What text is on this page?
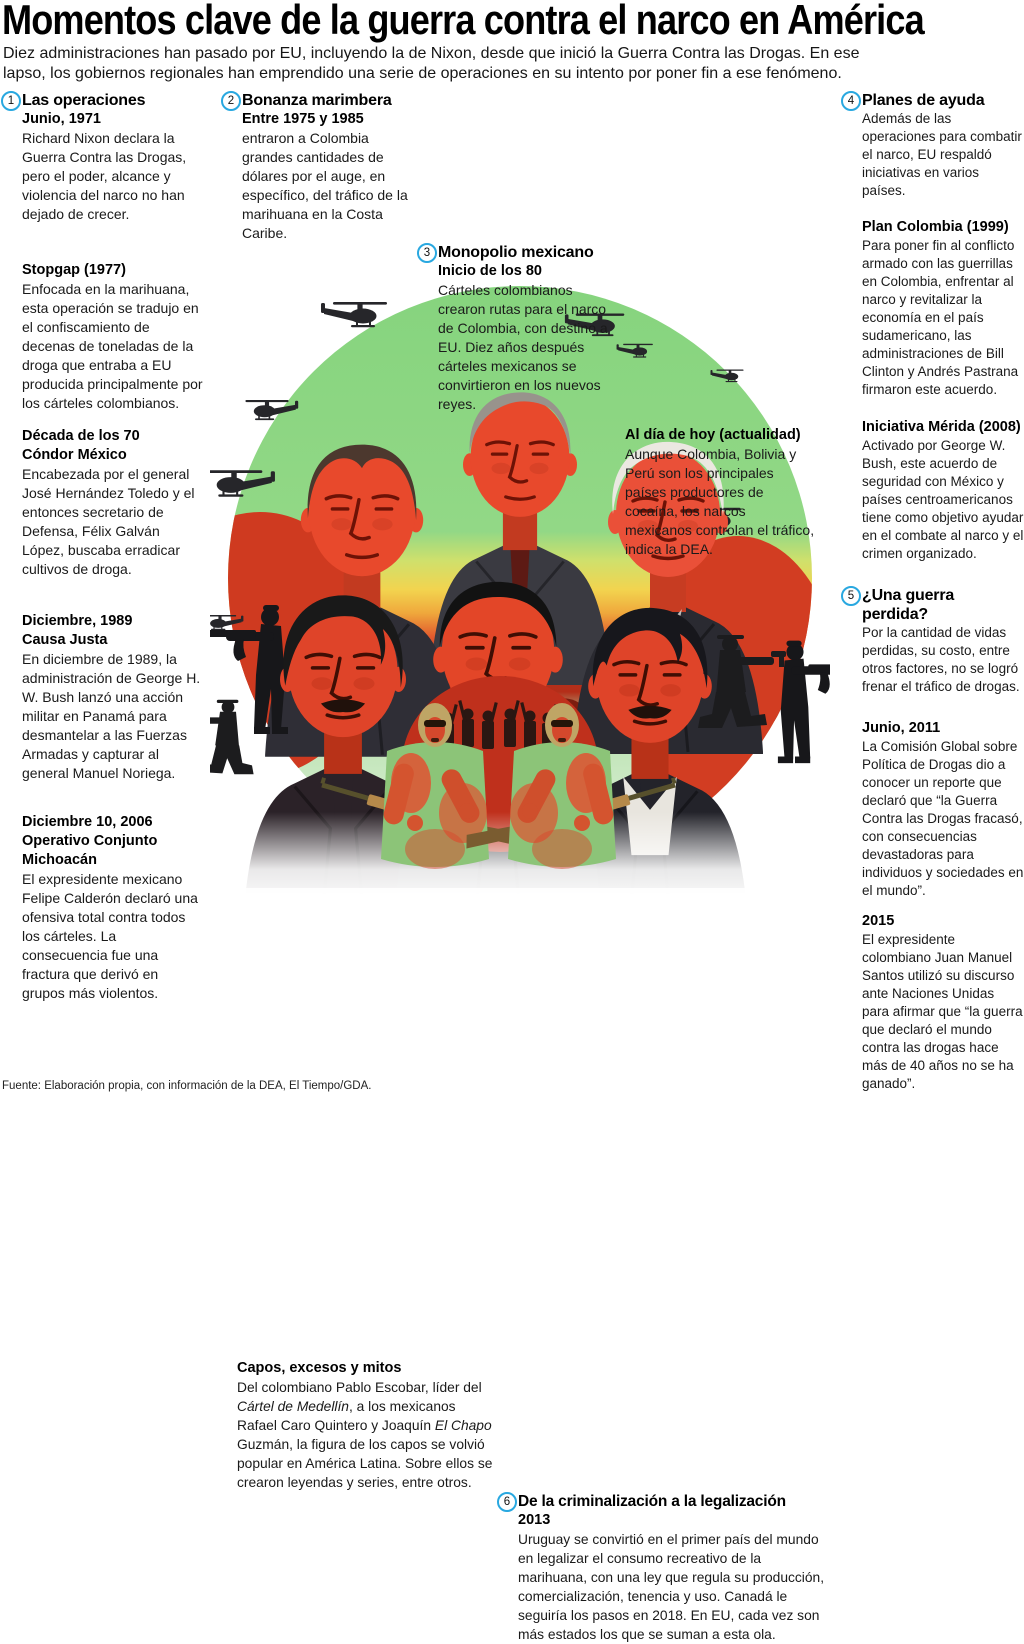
Momentos clave de la guerra contra el narco en América
Diez administraciones han pasado por EU, incluyendo la de Nixon, desde que inició la Guerra Contra las Drogas. En ese
lapso, los gobiernos regionales han emprendido una serie de operaciones en su intento por poner fin a ese fenómeno.
1 Las operaciones
Junio, 1971
Richard Nixon declara la Guerra Contra las Drogas, pero el poder, alcance y violencia del narco no han dejado de crecer.
Stopgap (1977)
Enfocada en la marihuana, esta operación se tradujo en el confiscamiento de decenas de toneladas de la droga que entraba a EU producida principalmente por los cárteles colombianos.
Década de los 70
Cóndor México
Encabezada por el general José Hernández Toledo y el entonces secretario de Defensa, Félix Galván López, buscaba erradicar cultivos de droga.
Diciembre, 1989
Causa Justa
En diciembre de 1989, la administración de George H. W. Bush lanzó una acción militar en Panamá para desmantelar a las Fuerzas Armadas y capturar al general Manuel Noriega.
Diciembre 10, 2006
Operativo Conjunto Michoacán
El expresidente mexicano Felipe Calderón declaró una ofensiva total contra todos los cárteles. La consecuencia fue una fractura que derivó en grupos más violentos.
2 Bonanza marimbera
Entre 1975 y 1985
entraron a Colombia grandes cantidades de dólares por el auge, en específico, del tráfico de la marihuana en la Costa Caribe.
3 Monopolio mexicano
Inicio de los 80
Cárteles colombianos crearon rutas para el narco de Colombia, con destino a EU. Diez años después cárteles mexicanos se convirtieron en los nuevos reyes.
Al día de hoy (actualidad)
Aunque Colombia, Bolivia y Perú son los principales países productores de cocaína, los narcos mexicanos controlan el tráfico, indica la DEA.
4 Planes de ayuda
Además de las operaciones para combatir el narco, EU respaldó iniciativas en varios países.
Plan Colombia (1999)
Para poner fin al conflicto armado con las guerrillas en Colombia, enfrentar al narco y revitalizar la economía en el país sudamericano, las administraciones de Bill Clinton y Andrés Pastrana firmaron este acuerdo.
Iniciativa Mérida (2008)
Activado por George W. Bush, este acuerdo de seguridad con México y países centroamericanos tiene como objetivo ayudar en el combate al narco y el crimen organizado.
5 ¿Una guerra perdida?
Por la cantidad de vidas perdidas, su costo, entre otros factores, no se logró frenar el tráfico de drogas.
Junio, 2011
La Comisión Global sobre Política de Drogas dio a conocer un reporte que declaró que “la Guerra Contra las Drogas fracasó, con consecuencias devastadoras para individuos y sociedades en el mundo”.
2015
El expresidente colombiano Juan Manuel Santos utilizó su discurso ante Naciones Unidas para afirmar que “la guerra que declaró el mundo contra las drogas hace más de 40 años no se ha ganado”.
Capos, excesos y mitos
Del colombiano Pablo Escobar, líder del Cártel de Medellín, a los mexicanos Rafael Caro Quintero y Joaquín El Chapo Guzmán, la figura de los capos se volvió popular en América Latina. Sobre ellos se crearon leyendas y series, entre otros.
6 De la criminalización a la legalización
2013
Uruguay se convirtió en el primer país del mundo en legalizar el consumo recreativo de la marihuana, con una ley que regula su producción, comercialización, tenencia y uso. Canadá le seguiría los pasos en 2018. En EU, cada vez son más estados los que se suman a esta ola.
Fuente: Elaboración propia, con información de la DEA, El Tiempo/GDA.
